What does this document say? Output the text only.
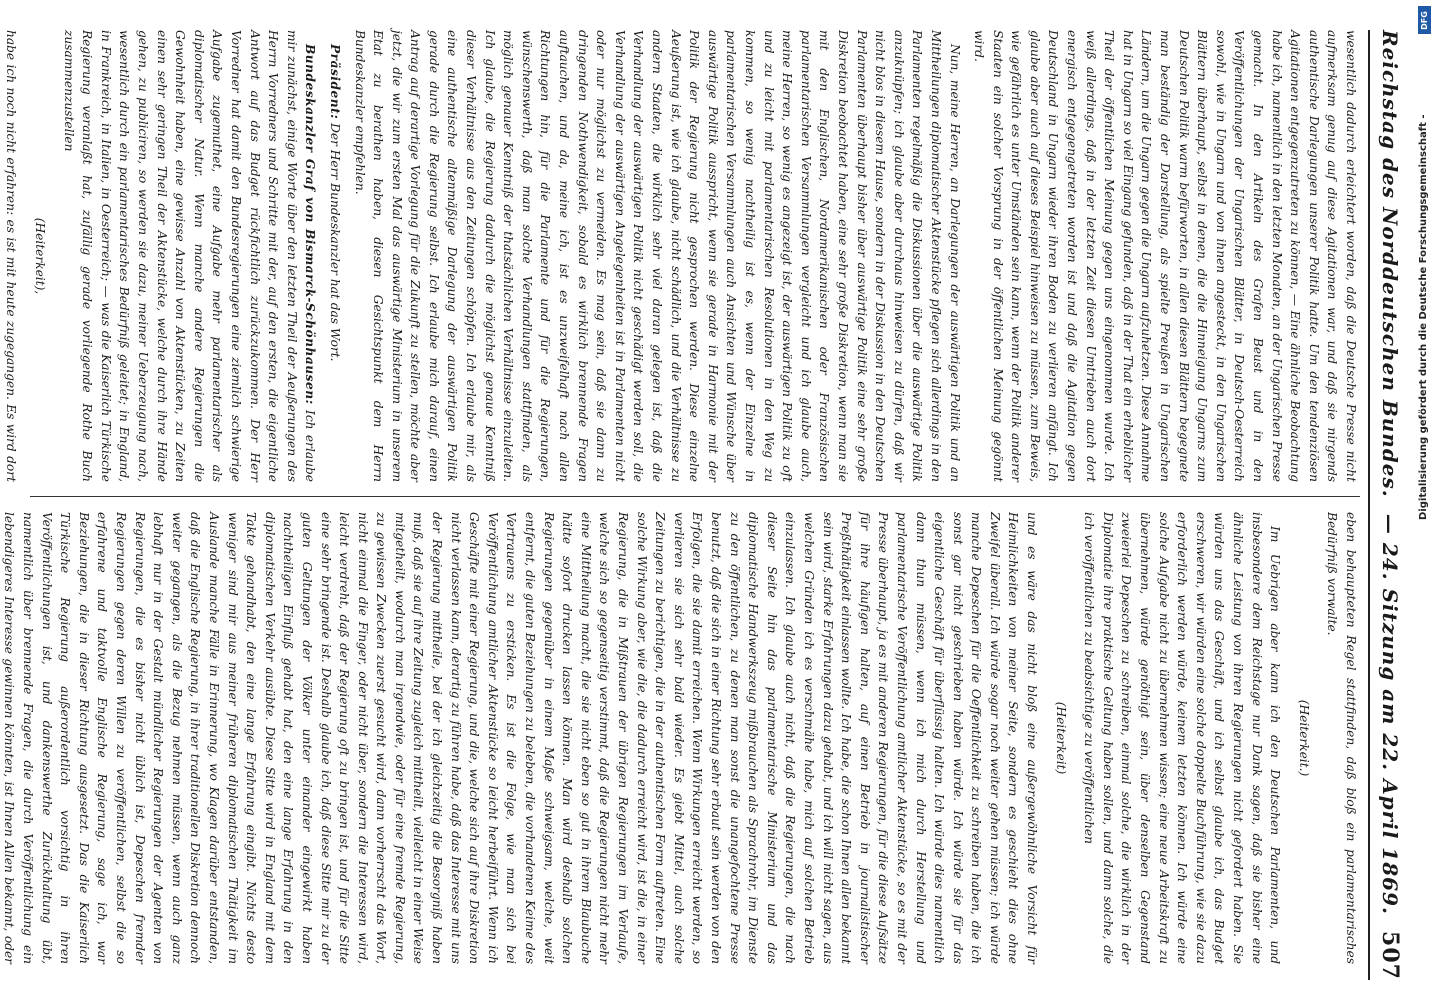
Reichstag des Norddeutschen Bundes.
— 24. Sitzung am 22. April 1869.
507

wesentlich dadurch erleichtert worden, daß die Deutsche Presse nicht aufmerksam genug auf diese Agitationen war, und daß sie nirgends authentische Darlegungen unserer Politik hatte. Um den tendenziösen Agitationen entgegenzutreten zu können, — Eine ähnliche Beobachtung habe ich, namentlich in den letzten Monaten, an der Ungarischen Presse gemacht. In den Artikeln des Grafen Beust und in den Veröffentlichungen der Ungarischen Blätter, in Deutsch-Oesterreich sowohl, wie in Ungarn und von ihnen angesteckt, in den Ungarischen Blättern überhaupt, selbst in denen, die die Hinneigung Ungarns zum Deutschen Politik warm befürworten, in allen diesen Blättern begegnete man beständig der Darstellung, als spielte Preußen in Ungarischen Ländern, um die Ungarn gegen die Ungarn aufzuhetzen. Diese Annahme hat in Ungarn so viel Eingang gefunden, daß in der That ein erheblicher Theil der öffentlichen Meinung gegen uns eingenommen wurde. Ich weiß allerdings, daß in der letzten Zeit diesen Umtrieben auch dort energisch entgegengetreten worden ist und daß die Agitation gegen Deutschland in Ungarn wieder ihren Boden zu verlieren anfängt. Ich glaube aber auch auf dieses Beispiel hinweisen zu müssen, zum Beweis, wie gefährlich es unter Umständen sein kann, wenn der Politik anderer Staaten ein solcher Vorsprung in der öffentlichen Meinung gegönnt wird.

Nun, meine Herren, an Darlegungen der auswärtigen Politik und an Mittheilungen diplomatischer Aktenstücke pflegen sich allerdings in den Parlamenten regelmäßig die Diskussionen über die auswärtige Politik anzuknüpfen; ich glaube aber durchaus hinweisen zu dürfen, daß wir nicht blos in diesem Hause, sondern in der Diskussion in den Deutschen Parlamenten überhaupt bisher über auswärtige Politik eine sehr große Diskretion beobachtet haben, eine sehr große Diskretion, wenn man sie mit den Englischen, Nordamerikanischen oder Französischen parlamentarischen Versammlungen vergleicht und ich glaube auch, meine Herren, so wenig es angezeigt ist, der auswärtigen Politik zu oft und zu leicht mit parlamentarischen Resolutionen in den Weg zu kommen, so wenig nachtheilig ist es, wenn der Einzelne in parlamentarischen Versammlungen auch Ansichten und Wünsche über auswärtige Politik ausspricht, wenn sie gerade in Harmonie mit der Politik der Regierung nicht gesprochen werden. Diese einzelne Aeußerung ist, wie ich glaube, nicht schädlich, und die Verhältnisse zu andern Staaten, die wirklich sehr viel daran gelegen ist, daß die Verhandlung der auswärtigen Politik nicht geschädigt werden soll, die Verhandlung der auswärtigen Angelegenheiten ist in Parlamenten nicht oder nur möglichst zu vermeiden. Es mag sein, daß sie dann zu dringenden Nothwendigkeit, sobald es wirklich brennende Fragen auftauchen, und da, meine ich, ist es unzweifelhaft nach allen Richtungen hin, für die Parlamente und für die Regierungen, wünschenswerth, daß man solche Verhandlungen stattfinden, als möglich genauer Kenntniß der thatsächlichen Verhältnisse einzuleiten. Ich glaube, die Regierung dadurch die möglichst genaue Kenntniß dieser Verhältnisse aus den Zeitungen schöpfen. Ich erlaube mir, als eine authentische altenmäßige Darlegung der auswärtigen Politik gerade durch die Regierung selbst. Ich erlaube mich darauf, einen Antrag auf derartige Vorlegung für die Zukunft zu stellen, möchte aber jetzt, die wir zum ersten Mal das auswärtige Ministerium in unserem Etat zu berathen haben, diesen Gesichtspunkt dem Herrn Bundeskanzler empfehlen.

Präsident: Der Herr Bundeskanzler hat das Wort.

Bundeskanzler Graf von Bismarck-Schönhausen: Ich erlaube mir zunächst, einige Worte über den letzten Theil der Aeußerungen des Herrn Vorredners und Schritte mit der, auf den ersten, die eigentliche Antwort auf das Budget rückfichtlich zurückzukommen. Der Herr Vorredner hat damit den Bundesregierungen eine ziemlich schwierige Aufgabe zugemuthet, eine Aufgabe mehr parlamentarischer als diplomatischer Natur. Wenn manche andere Regierungen die Gewohnheit haben, eine gewisse Anzahl von Aktenstücken, zu Zeiten einen sehr geringen Theil der Aktenstücke, welche durch ihre Hände gehen, zu publiciren, so werden sie dazu, meiner Ueberzeugung nach, wesentlich durch ein parlamentarisches Bedürfniß geleitet; in England, in Frankreich, in Italien, in Oesterreich; — was die Kaiserlich Türkische Regierung veranlaßt hat, zufällig gerade vorliegende Rothe Buch zusammenzustellen

(Heiterkeit),

habe ich noch nicht erfahren: es ist mit heute zugegangen. Es wird dort

eben behaupteten Regel stattfinden, daß bloß ein parlamentarisches Bedürfniß vorwalte.

(Heiterkeit.)

Im Uebrigen aber kann ich den Deutschen Parlamenten, und insbesondere dem Reichstage nur Dank sagen, daß sie bisher eine ähnliche Leistung von ihren Regierungen nicht gefordert haben. Sie würden uns das Geschäft, und ich selbst glaube ich, das Budget erschweren, wir würden eine solche doppelte Buchführung, wie sie dazu erforderlich werden würde, keinem letzten können. Ich würde eine solche Aufgabe nicht zu übernehmen wissen; eine neue Arbeitskraft zu übernehmen, würde genöthigt sein, über denselben Gegenstand zweierlei Depeschen zu schreiben, einmal solche, die wirklich in der Diplomatie ihre praktische Geltung haben sollen, und dann solche, die ich veröffentlichen zu beabsichtige zu veröffentlichen

(Heiterkeit)

und es wäre das nicht bloß eine außergewöhnliche Vorsicht für Heimlichkeiten von meiner Seite, sondern es geschieht dies ohne Zweifel überall. Ich würde sogar noch weiter gehen müssen; ich würde manche Depeschen für die Oeffentlichkeit zu schreiben haben, die ich sonst gar nicht geschrieben haben würde. Ich würde sie für das eigentliche Geschäft für überflüssig halten. Ich würde dies namentlich dann thun müssen, wenn ich mich durch Herstellung und parlamentarische Veröffentlichung amtlicher Aktenstücke, so es mit der Presse überhaupt, ja es mit anderen Regierungen, für die diese Aufsätze für ihre häufigen halten, auf einen Betrieb in journalistischer Preßthätigkeit einlassen wollte. Ich habe, die schon Ihnen allen bekannt sein wird, starke Erfahrungen dazu gehabt, und ich will nicht sagen, aus welchen Gründen ich es verschmähe habe, mich auf solchen Betrieb einzulassen. Ich glaube auch nicht, daß die Regierungen, die nach dieser Seite hin das parlamentarische Ministerium und das diplomatische Handwerkszeug mißbrauchen als Sprachrohr, im Dienste zu den öffentlichen, zu denen man sonst die unangefochtene Presse benutzt, daß die sich in einer Richtung sehr erbaut sein werden von den Erfolgen, die sie damit erreichen. Wenn Wirkungen erreicht werden, so verlieren sie sich sehr bald wieder. Es giebt Mittel, auch solche Zeitungen zu berichtigen, die in der authentischen Form auftreten. Eine solche Wirkung aber, wie die, die dadurch erreicht wird, ist die, in einer Regierung, die in Mißtrauen der übrigen Regierungen im Verlaufe, welche sich so gegenseitig verstimmt, daß die Regierungen nicht mehr eine Mittheilung macht, die sie nicht eben so gut in ihrem Blaubuche hätte sofort drucken lassen können. Man wird deshalb solchen Regierungen gegenüber in einem Maße schweigsam, welche, weit entfernt, die guten Beziehungen zu beleben, die vorhandenen Keime des Vertrauens zu ersticken. Es ist die Folge, wie man sich bei Veröffentlichung amtlicher Aktenstücke so leicht herbeiführt. Wenn ich Geschäfte mit einer Regierung, und die, welche sich auf ihre Diskretion nicht verlassen kann, derartig zu führen habe, daß das Interesse mit uns der Regierung mittheile, bei der ich gleichzeitig die Besorgniß haben muß, daß sie auf ihre Zeitung zugleich mittheilt, vielleicht in einer Weise mitgetheilt, wodurch man irgendwie, oder für eine fremde Regierung, zu gewissen Zwecken zuerst gesucht wird, dann vorherrscht das Wort, nicht einmal die Finger, oder nicht über, sondern die Interessen wird, leicht verdreht, daß der Regierung oft zu bringen ist, und für die Sitte eine sehr bringende ist. Deshalb glaube ich, daß diese Sitte mir zu der guten Geltungen der Völker unter einander eingewirkt haben nachtheiligen Einfluß gehabt hat, den eine lange Erfahrung in den diplomatischen Verkehr ausübte. Diese Sitte wird in England mit dem Takte gehandhabt, den eine lange Erfahrung eingibt. Nichts desto weniger sind mir aus meiner früheren diplomatischen Thätigkeit im Auslande manche Fälle in Erinnerung, wo Klagen darüber entstanden, daß die Englische Regierung, in ihrer traditionellen Diskretion dennoch weiter gegangen, als die Bezug nehmen müssen, wenn auch ganz lebhaft nur in der Gestalt mündlicher Regierungen der Agenten von Regierungen, die es bisher nicht üblich ist, Depeschen fremder Regierungen gegen deren Willen zu veröffentlichen, selbst die so erfahrene und taktvolle Englische Regierung, sage ich, war Beziehungen, die in dieser Richtung ausgesetzt. Das die Kaiserlich Türkische Regierung außerordentlich vorsichtig in ihren Veröffentlichungen ist, und dankenswerthe Zurückhaltung übt, namentlich über brennende Fragen, die durch Veröffentlichung ein lebendigeres Interesse gewinnen könnten, ist Ihnen Allen bekannt, oder

DFG
Digitalisierung gefördert durch die Deutsche Forschungsgemeinschaft -
